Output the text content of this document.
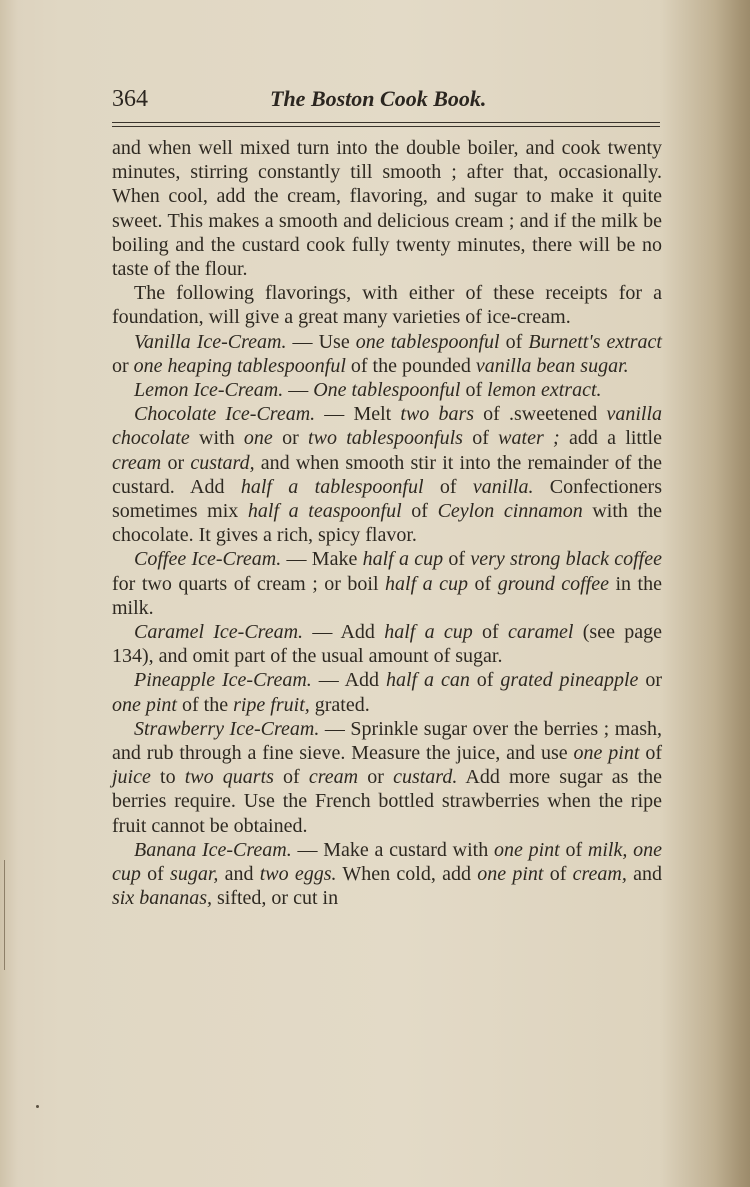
364	The Boston Cook Book.

and when well mixed turn into the double boiler, and cook twenty minutes, stirring constantly till smooth ; after that, occasionally. When cool, add the cream, flavoring, and sugar to make it quite sweet. This makes a smooth and delicious cream ; and if the milk be boiling and the custard cook fully twenty minutes, there will be no taste of the flour.

The following flavorings, with either of these receipts for a foundation, will give a great many varieties of ice-cream.

Vanilla Ice-Cream. — Use one tablespoonful of Burnett's extract or one heaping tablespoonful of the pounded vanilla bean sugar.

Lemon Ice-Cream. — One tablespoonful of lemon extract.

Chocolate Ice-Cream. — Melt two bars of .sweetened vanilla chocolate with one or two tablespoonfuls of water ; add a little cream or custard, and when smooth stir it into the remainder of the custard. Add half a tablespoonful of vanilla. Confectioners sometimes mix half a teaspoonful of Ceylon cinnamon with the chocolate. It gives a rich, spicy flavor.

Coffee Ice-Cream. — Make half a cup of very strong black coffee for two quarts of cream ; or boil half a cup of ground coffee in the milk.

Caramel Ice-Cream. — Add half a cup of caramel (see page 134), and omit part of the usual amount of sugar.

Pineapple Ice-Cream. — Add half a can of grated pineapple or one pint of the ripe fruit, grated.

Strawberry Ice-Cream. — Sprinkle sugar over the berries ; mash, and rub through a fine sieve. Measure the juice, and use one pint of juice to two quarts of cream or custard. Add more sugar as the berries require. Use the French bottled strawberries when the ripe fruit cannot be obtained.

Banana Ice-Cream. — Make a custard with one pint of milk, one cup of sugar, and two eggs. When cold, add one pint of cream, and six bananas, sifted, or cut in
